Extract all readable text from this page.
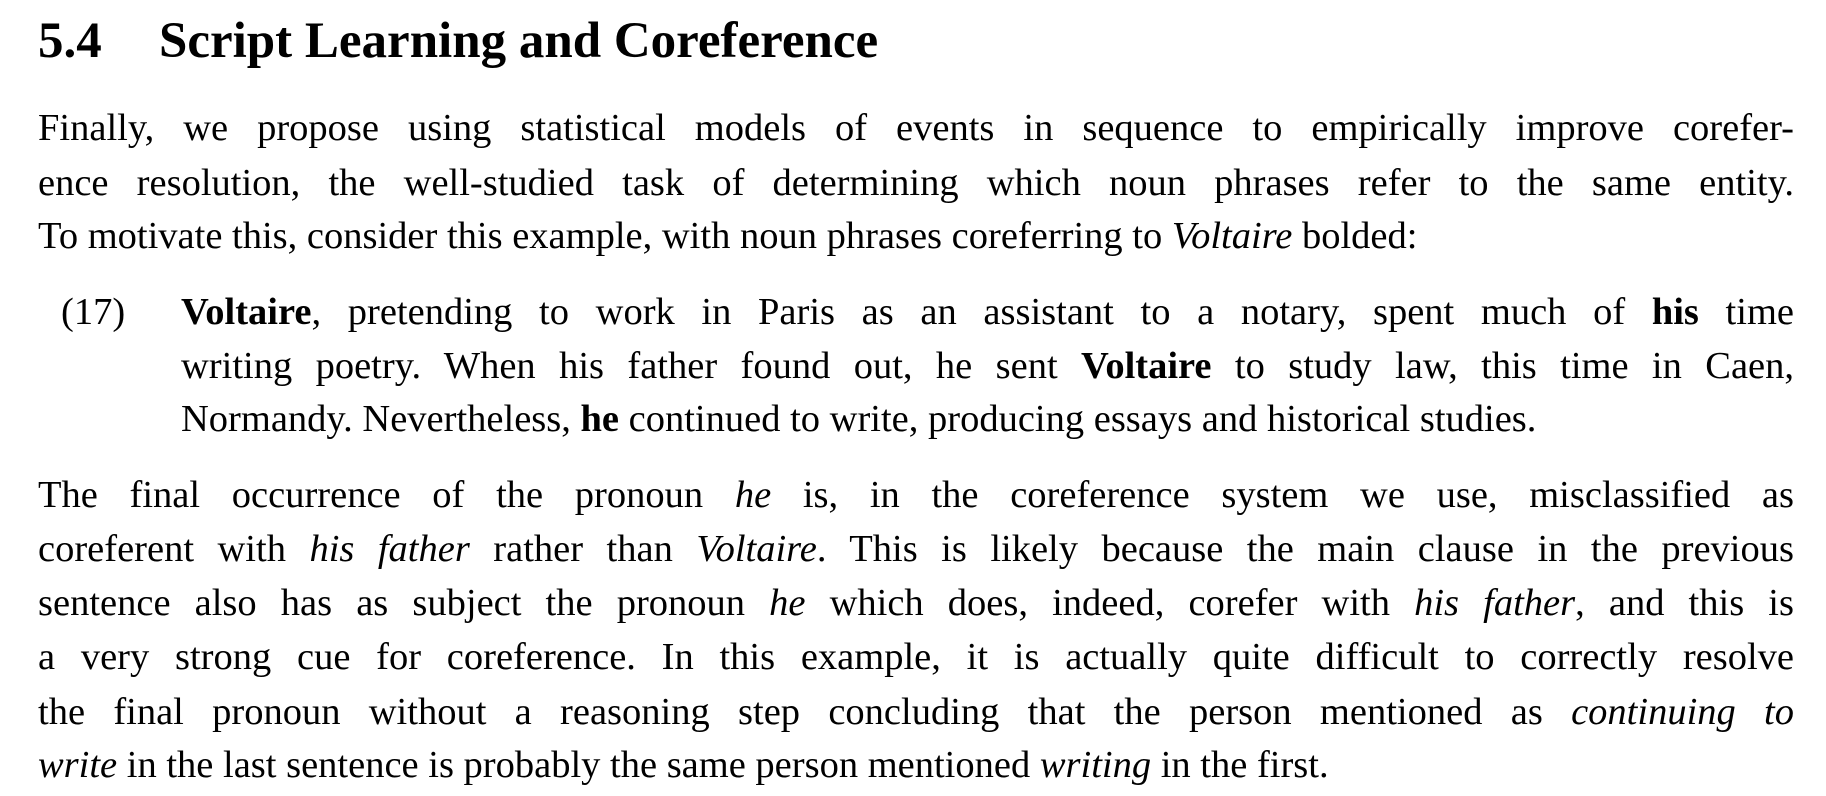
5.4 Script Learning and Coreference
Finally, we propose using statistical models of events in sequence to empirically improve corefer-
ence resolution, the well-studied task of determining which noun phrases refer to the same entity.
To motivate this, consider this example, with noun phrases coreferring to Voltaire bolded:
(17) Voltaire, pretending to work in Paris as an assistant to a notary, spent much of his time
writing poetry. When his father found out, he sent Voltaire to study law, this time in Caen,
Normandy. Nevertheless, he continued to write, producing essays and historical studies.
The final occurrence of the pronoun he is, in the coreference system we use, misclassified as
coreferent with his father rather than Voltaire. This is likely because the main clause in the previous
sentence also has as subject the pronoun he which does, indeed, corefer with his father, and this is
a very strong cue for coreference. In this example, it is actually quite difficult to correctly resolve
the final pronoun without a reasoning step concluding that the person mentioned as continuing to
write in the last sentence is probably the same person mentioned writing in the first.
